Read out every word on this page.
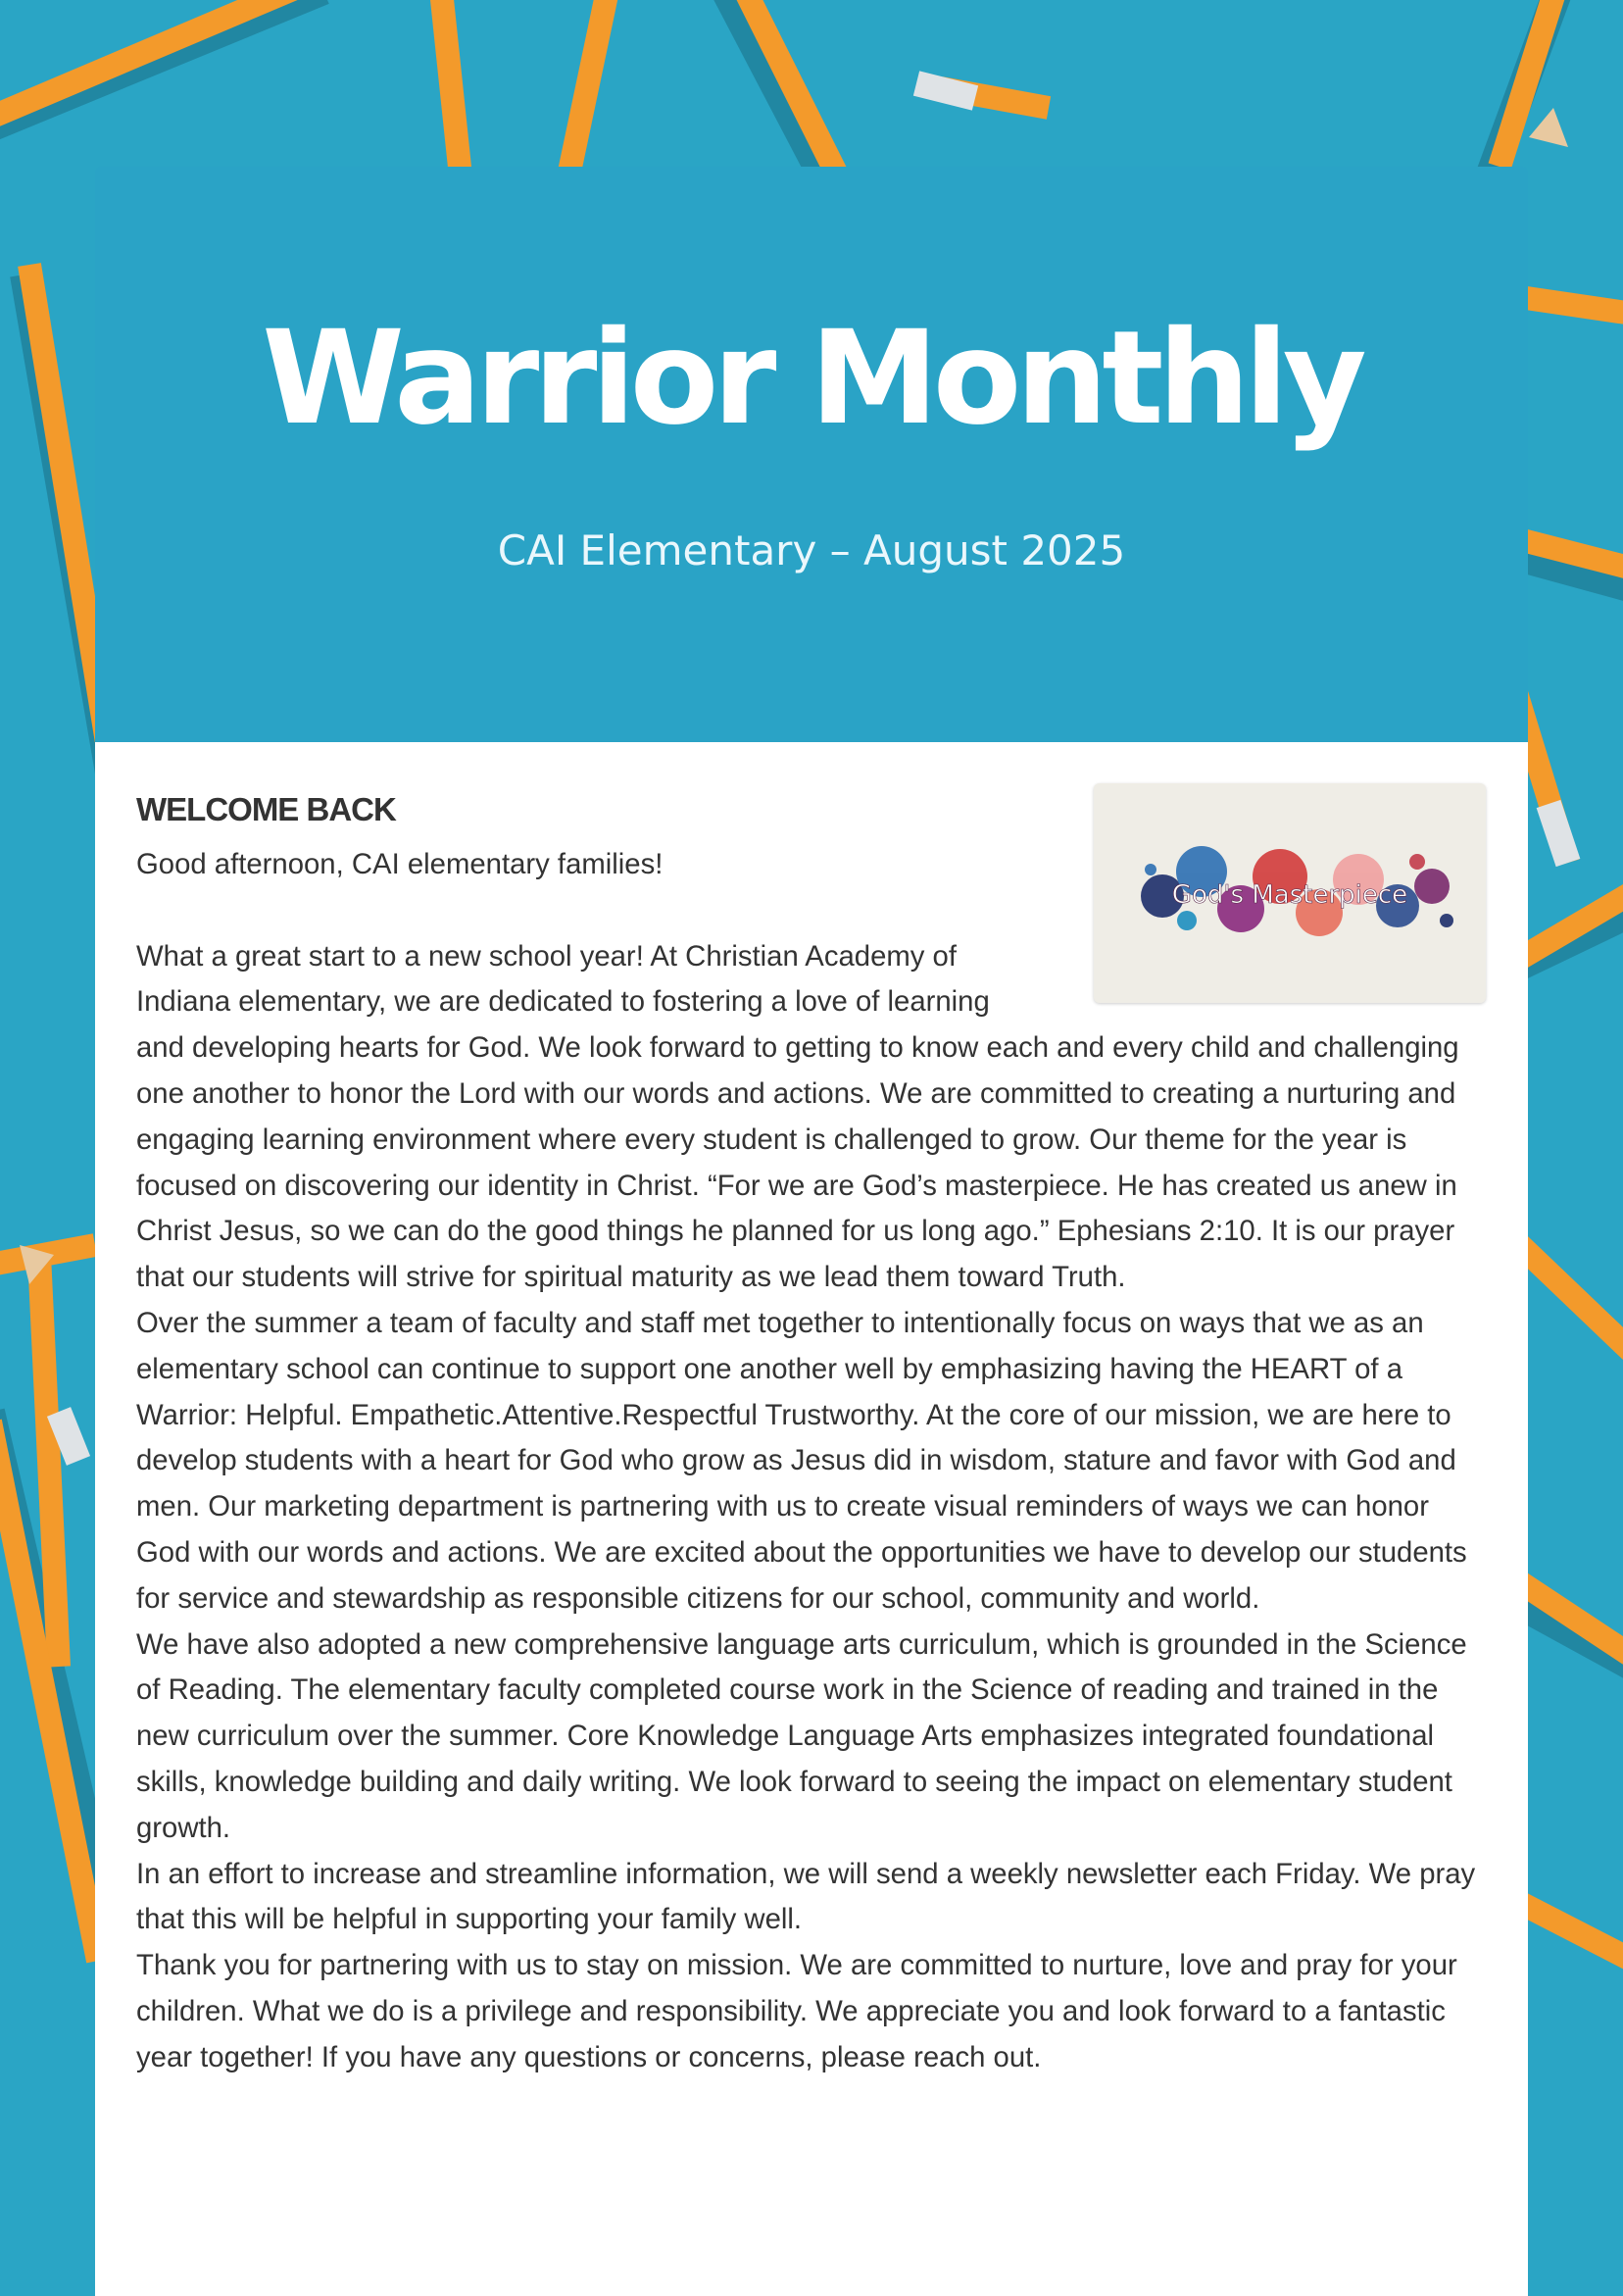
Warrior Monthly
CAI Elementary – August 2025
WELCOME BACK
God's Masterpiece

Good afternoon, CAI elementary families!

What a great start to a new school year! At Christian Academy of

Indiana elementary, we are dedicated to fostering a love of learning

and developing hearts for God. We look forward to getting to know each and every child and challenging one another to honor the Lord with our words and actions. We are committed to creating a nurturing and engaging learning environment where every student is challenged to grow. Our theme for the year is focused on discovering our identity in Christ. “For we are God’s masterpiece. He has created us anew in Christ Jesus, so we can do the good things he planned for us long ago.” Ephesians 2:10. It is our prayer that our students will strive for spiritual maturity as we lead them toward Truth.

Over the summer a team of faculty and staff met together to intentionally focus on ways that we as an elementary school can continue to support one another well by emphasizing having the HEART of a Warrior: Helpful. Empathetic.Attentive.Respectful Trustworthy. At the core of our mission, we are here to develop students with a heart for God who grow as Jesus did in wisdom, stature and favor with God and men. Our marketing department is partnering with us to create visual reminders of ways we can honor God with our words and actions. We are excited about the opportunities we have to develop our students for service and stewardship as responsible citizens for our school, community and world.

We have also adopted a new comprehensive language arts curriculum, which is grounded in the Science of Reading. The elementary faculty completed course work in the Science of reading and trained in the new curriculum over the summer. Core Knowledge Language Arts emphasizes integrated foundational skills, knowledge building and daily writing. We look forward to seeing the impact on elementary student growth.

In an effort to increase and streamline information, we will send a weekly newsletter each Friday. We pray that this will be helpful in supporting your family well.

Thank you for partnering with us to stay on mission. We are committed to nurture, love and pray for your children. What we do is a privilege and responsibility. We appreciate you and look forward to a fantastic year together! If you have any questions or concerns, please reach out.
